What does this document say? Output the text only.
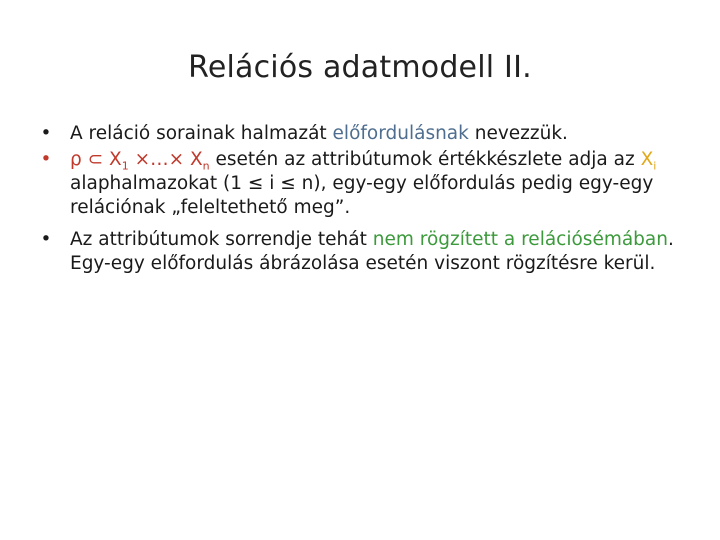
Relációs adatmodell II.
• A reláció sorainak halmazát előfordulásnak nevezzük.
• ρ ⊂ $X_1$ ×…× $X_n$ esetén az attribútumok értékkészlete adja az $X_i$ alaphalmazokat (1 ≤ i ≤ n), egy-egy előfordulás pedig egy-egy relációnak „feleltethető meg”.
• Az attribútumok sorrendje tehát nem rögzített a relációsémában. Egy-egy előfordulás ábrázolása esetén viszont rögzítésre kerül.
